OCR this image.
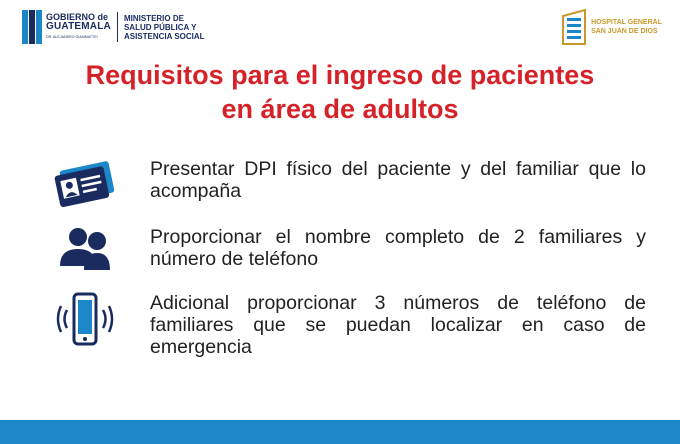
GOBIERNO de
GUATEMALA
DR. ALEJANDRO GIAMMATTEI
MINISTERIO DE
SALUD PÚBLICA Y
ASISTENCIA SOCIAL
HOSPITAL GENERAL
SAN JUAN DE DIOS
Requisitos para el ingreso de pacientes
en área de adultos
Presentar DPI físico del paciente y del familiar que lo acompaña
Proporcionar el nombre completo de 2 familiares y número de teléfono
Adicional proporcionar 3 números de teléfono de familiares que se puedan localizar en caso de emergencia
